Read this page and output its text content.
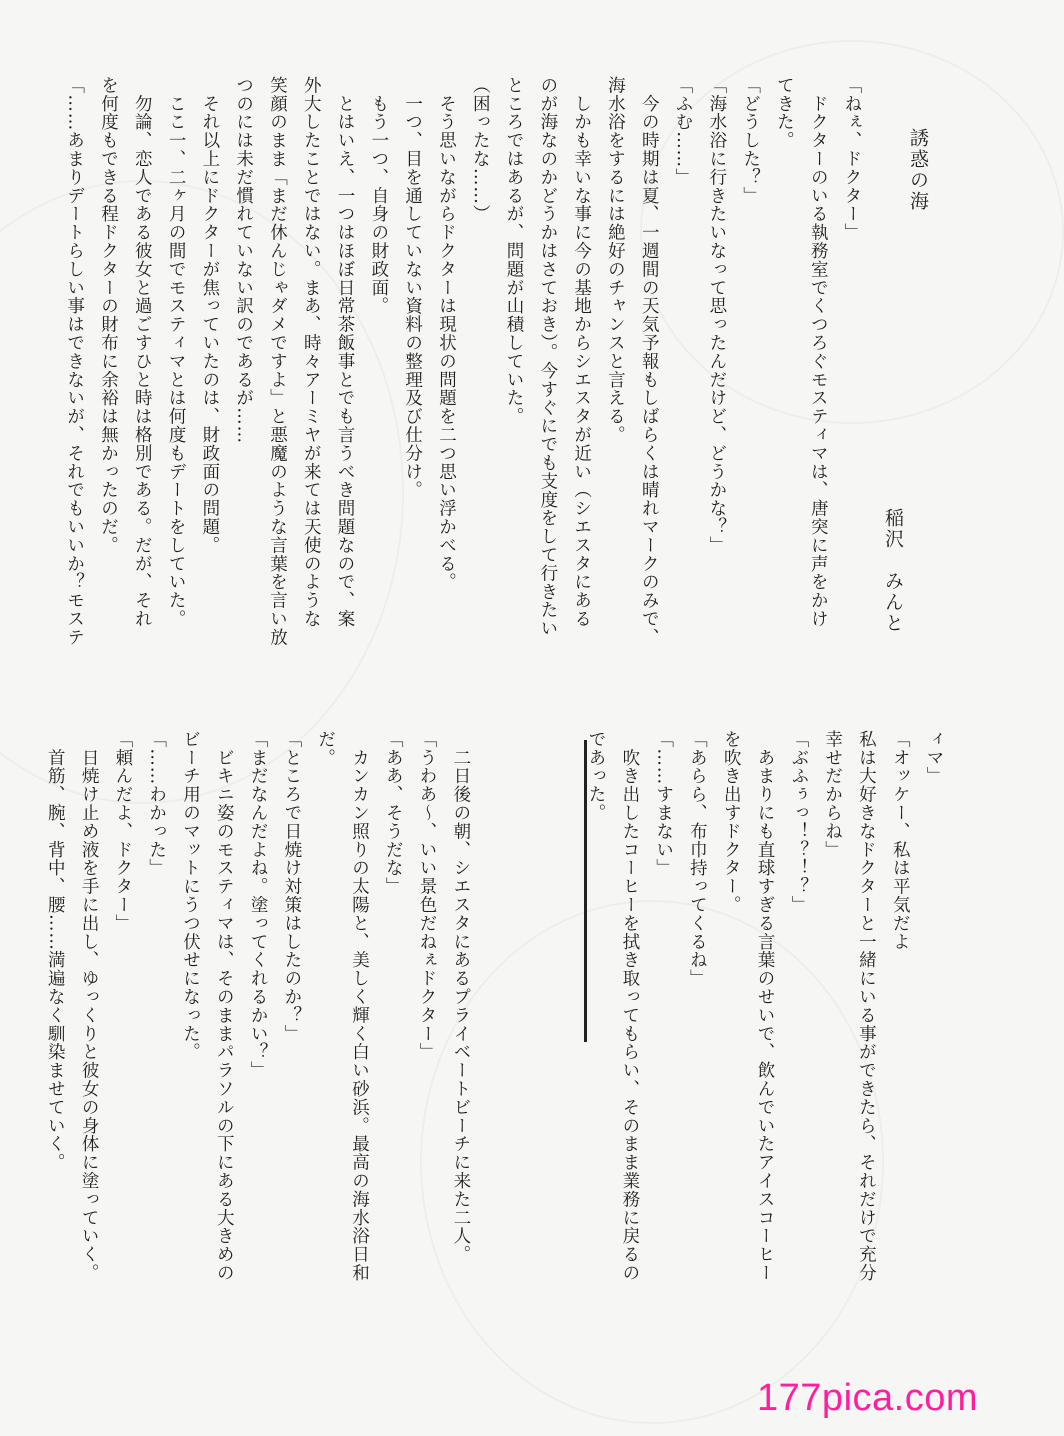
誘惑の海
稲沢　みんと
「ねぇ、ドクター」
　ドクターのいる執務室でくつろぐモスティマは、唐突に声をかけ
てきた。
「どうした？」
「海水浴に行きたいなって思ったんだけど、どうかな？」
「ふむ……」
　今の時期は夏、一週間の天気予報もしばらくは晴れマークのみで、
海水浴をするには絶好のチャンスと言える。
　しかも幸いな事に今の基地からシエスタが近い（シエスタにある
のが海なのかどうかはさておき）。今すぐにでも支度をして行きたい
ところではあるが、問題が山積していた。
（困ったな……）
　そう思いながらドクターは現状の問題を二つ思い浮かべる。
　一つ、目を通していない資料の整理及び仕分け。
　もう一つ、自身の財政面。
　とはいえ、一つはほぼ日常茶飯事とでも言うべき問題なので、案
外大したことではない。まあ、時々アーミヤが来ては天使のような
笑顔のまま「まだ休んじゃダメですよ」と悪魔のような言葉を言い放
つのには未だ慣れていない訳のであるが……
　それ以上にドクターが焦っていたのは、財政面の問題。
　ここ一、二ヶ月の間でモスティマとは何度もデートをしていた。
　勿論、恋人である彼女と過ごすひと時は格別である。だが、それ
を何度もできる程ドクターの財布に余裕は無かったのだ。
「……あまりデートらしい事はできないが、それでもいいか？モステ
ィマ」
「オッケー、私は平気だよ
私は大好きなドクターと一緒にいる事ができたら、それだけで充分
幸せだからね」
「ぶふぅっ！？！？」
　あまりにも直球すぎる言葉のせいで、飲んでいたアイスコーヒー
を吹き出すドクター。
「あらら、布巾持ってくるね」
「……すまない」
　吹き出したコーヒーを拭き取ってもらい、そのまま業務に戻るの
であった。

　二日後の朝、シエスタにあるプライベートビーチに来た二人。
「うわあ～、いい景色だねぇドクター」
「ああ、そうだな」
　カンカン照りの太陽と、美しく輝く白い砂浜。最高の海水浴日和
だ。
「ところで日焼け対策はしたのか？」
「まだなんだよね。塗ってくれるかい？」
　ビキニ姿のモスティマは、そのままパラソルの下にある大きめの
ビーチ用のマットにうつ伏せになった。
「……わかった」
「頼んだよ、ドクター」
　日焼け止め液を手に出し、ゆっくりと彼女の身体に塗っていく。
　首筋、腕、背中、腰……満遍なく馴染ませていく。
177pica.com
